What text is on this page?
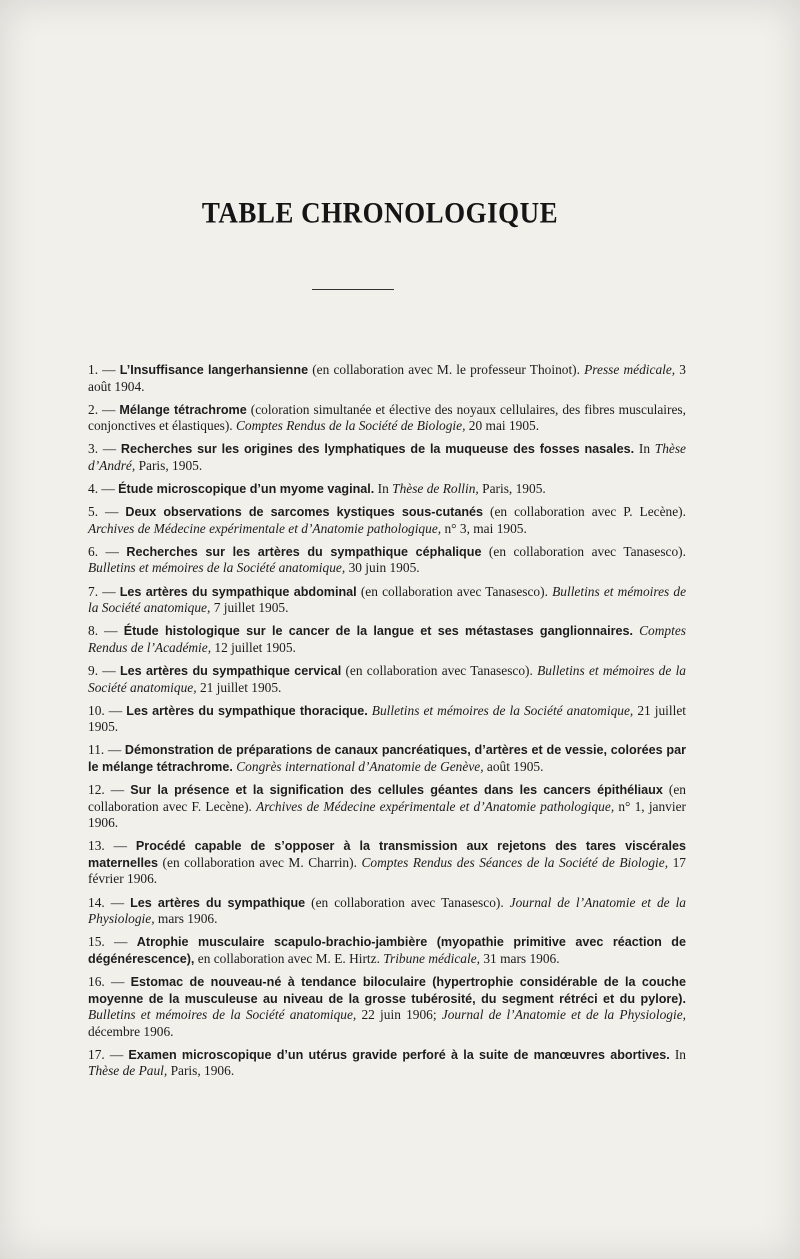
TABLE CHRONOLOGIQUE

1. — L’Insuffisance langerhansienne (en collaboration avec M. le professeur Thoinot). Presse médicale, 3 août 1904.

2. — Mélange tétrachrome (coloration simultanée et élective des noyaux cellulaires, des fibres musculaires, conjonctives et élastiques). Comptes Rendus de la Société de Biologie, 20 mai 1905.

3. — Recherches sur les origines des lymphatiques de la muqueuse des fosses nasales. In Thèse d’André, Paris, 1905.

4. — Étude microscopique d’un myome vaginal. In Thèse de Rollin, Paris, 1905.

5. — Deux observations de sarcomes kystiques sous-cutanés (en collaboration avec P. Lecène). Archives de Médecine expérimentale et d’Anatomie pathologique, n° 3, mai 1905.

6. — Recherches sur les artères du sympathique céphalique (en collaboration avec Tanasesco). Bulletins et mémoires de la Société anatomique, 30 juin 1905.

7. — Les artères du sympathique abdominal (en collaboration avec Tanasesco). Bulletins et mémoires de la Société anatomique, 7 juillet 1905.

8. — Étude histologique sur le cancer de la langue et ses métastases ganglionnaires. Comptes Rendus de l’Académie, 12 juillet 1905.

9. — Les artères du sympathique cervical (en collaboration avec Tanasesco). Bulletins et mémoires de la Société anatomique, 21 juillet 1905.

10. — Les artères du sympathique thoracique. Bulletins et mémoires de la Société anatomique, 21 juillet 1905.

11. — Démonstration de préparations de canaux pancréatiques, d’artères et de vessie, colorées par le mélange tétrachrome. Congrès international d’Anatomie de Genève, août 1905.

12. — Sur la présence et la signification des cellules géantes dans les cancers épithéliaux (en collaboration avec F. Lecène). Archives de Médecine expérimentale et d’Anatomie pathologique, n° 1, janvier 1906.

13. — Procédé capable de s’opposer à la transmission aux rejetons des tares viscérales maternelles (en collaboration avec M. Charrin). Comptes Rendus des Séances de la Société de Biologie, 17 février 1906.

14. — Les artères du sympathique (en collaboration avec Tanasesco). Journal de l’Anatomie et de la Physiologie, mars 1906.

15. — Atrophie musculaire scapulo-brachio-jambière (myopathie primitive avec réaction de dégénérescence), en collaboration avec M. E. Hirtz. Tribune médicale, 31 mars 1906.

16. — Estomac de nouveau-né à tendance biloculaire (hypertrophie considérable de la couche moyenne de la musculeuse au niveau de la grosse tubérosité, du segment rétréci et du pylore). Bulletins et mémoires de la Société anatomique, 22 juin 1906; Journal de l’Anatomie et de la Physiologie, décembre 1906.

17. — Examen microscopique d’un utérus gravide perforé à la suite de manœuvres abortives. In Thèse de Paul, Paris, 1906.
